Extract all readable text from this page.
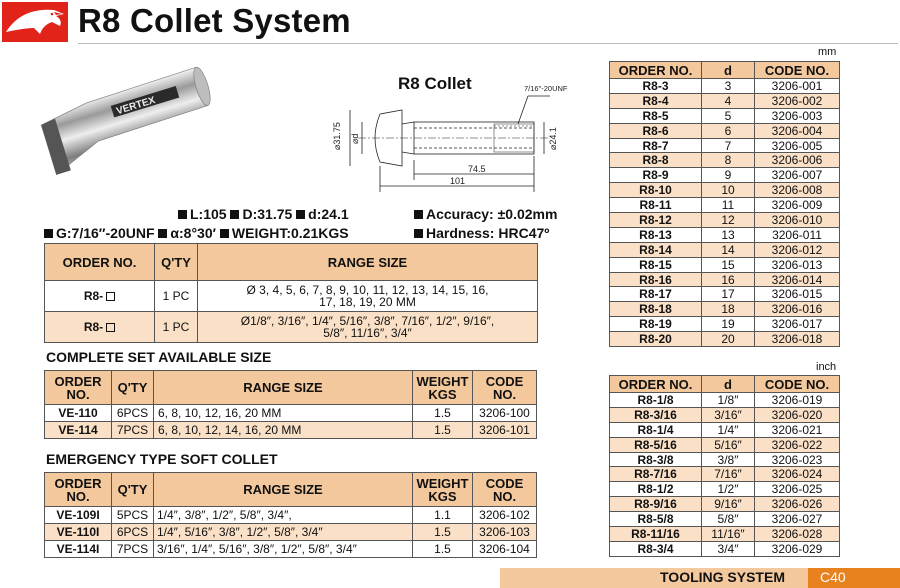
R8 Collet System
VERTEX
R8 Collet
⌀31.75 ⌀d	⌀24.1
74.5
101
7/16"-20UNF
L:105 D:31.75 d:24.1
G:7/16″-20UNF α:8°30′ WEIGHT:0.21KGS
Accuracy: ±0.02mm
Hardness: HRC47º
ORDER NO.	Q'TY	RANGE SIZE
R8-	1 PC	Ø 3, 4, 5, 6, 7, 8, 9, 10, 11, 12, 13, 14, 15, 16,
17, 18, 19, 20 MM

R8-	1 PC	Ø1/8″, 3/16″, 1/4″, 5/16″, 3/8″, 7/16″, 1/2″, 9/16″,
5/8″, 11/16″, 3/4″
COMPLETE SET AVAILABLE SIZE
ORDER NO.	Q'TY	RANGE SIZE	WEIGHT KGS	CODE NO.
VE-110	6PCS	6, 8, 10, 12, 16, 20 MM	1.5	3206-100
VE-114	7PCS	6, 8, 10, 12, 14, 16, 20 MM	1.5	3206-101
EMERGENCY TYPE SOFT COLLET
ORDER NO.	Q'TY	RANGE SIZE	WEIGHT KGS	CODE NO.
VE-109I	5PCS	1/4″, 3/8″, 1/2″, 5/8″, 3/4″,	1.1	3206-102
VE-110I	6PCS	1/4″, 5/16″, 3/8″, 1/2″, 5/8″, 3/4″	1.5	3206-103
VE-114I	7PCS	3/16″, 1/4″, 5/16″, 3/8″, 1/2″, 5/8″, 3/4″	1.5	3206-104
mm
ORDER NO.	d	CODE NO.
R8-3	3	3206-001
R8-4	4	3206-002
R8-5	5	3206-003
R8-6	6	3206-004
R8-7	7	3206-005
R8-8	8	3206-006
R8-9	9	3206-007
R8-10	10	3206-008
R8-11	11	3206-009
R8-12	12	3206-010
R8-13	13	3206-011
R8-14	14	3206-012
R8-15	15	3206-013
R8-16	16	3206-014
R8-17	17	3206-015
R8-18	18	3206-016
R8-19	19	3206-017
R8-20	20	3206-018
inch
ORDER NO.	d	CODE NO.
R8-1/8	1/8″	3206-019
R8-3/16	3/16″	3206-020
R8-1/4	1/4″	3206-021
R8-5/16	5/16″	3206-022
R8-3/8	3/8″	3206-023
R8-7/16	7/16″	3206-024
R8-1/2	1/2″	3206-025
R8-9/16	9/16″	3206-026
R8-5/8	5/8″	3206-027
R8-11/16	11/16″	3206-028
R8-3/4	3/4″	3206-029
TOOLING SYSTEM	C40
